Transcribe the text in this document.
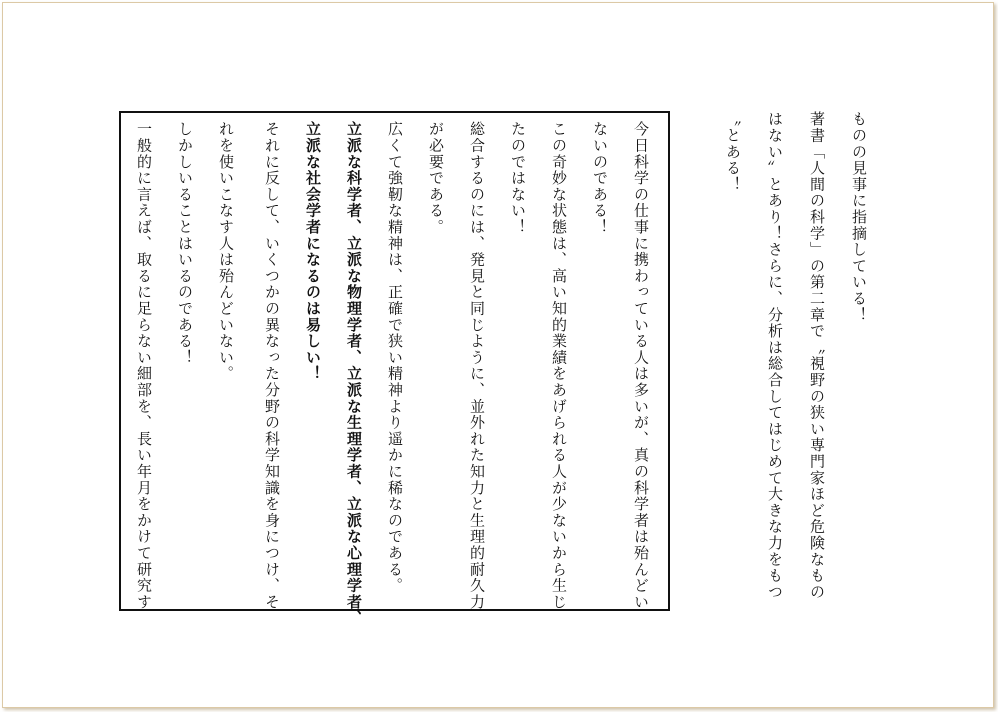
ものの見事に指摘している！
著書「人間の科学」の第二章で〝視野の狭い専門家ほど危険なもの
はない〟とあり！さらに、分析は総合してはじめて大きな力をもつ
〝とある！
今日科学の仕事に携わっている人は多いが、真の科学者は殆んどい
ないのである！
この奇妙な状態は、高い知的業績をあげられる人が少ないから生じ
たのではない！
総合するのには、発見と同じように、並外れた知力と生理的耐久力
が必要である。
広くて強靭な精神は、正確で狭い精神より遥かに稀なのである。
立派な科学者、立派な物理学者、立派な生理学者、立派な心理学者、
立派な社会学者になるのは易しい！
それに反して、いくつかの異なった分野の科学知識を身につけ、そ
れを使いこなす人は殆んどいない。
しかしいることはいるのである！
一般的に言えば、取るに足らない細部を、長い年月をかけて研究す
